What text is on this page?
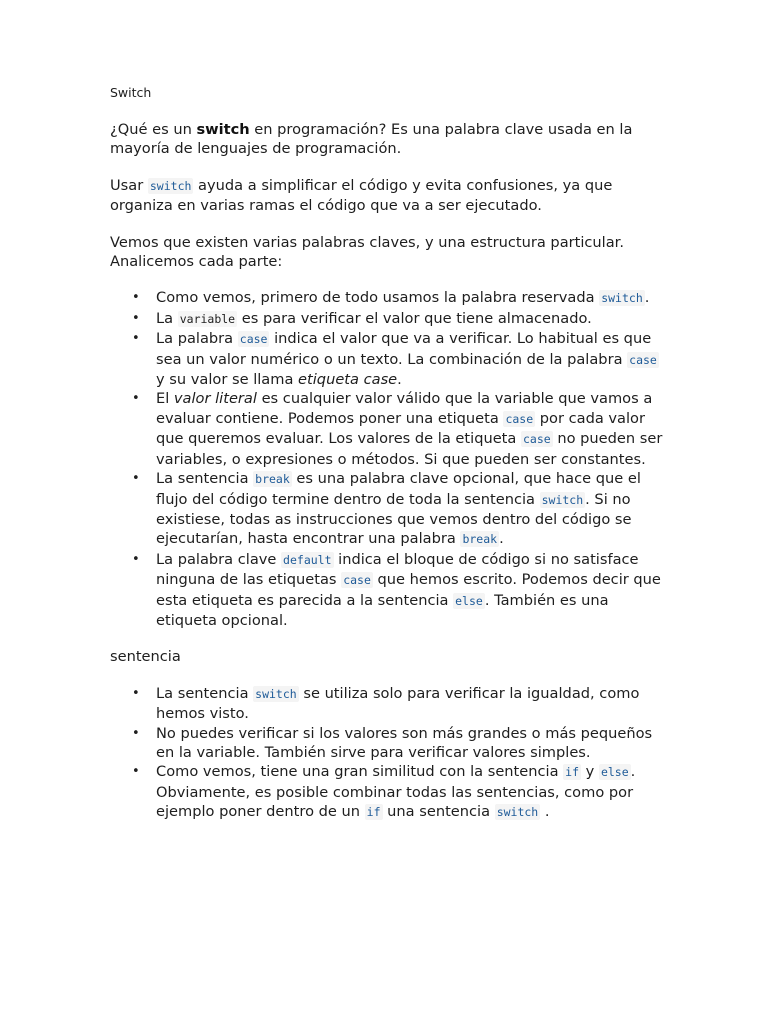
Switch

¿Qué es un switch en programación? Es una palabra clave usada en la mayoría de lenguajes de programación.

Usar switch ayuda a simplificar el código y evita confusiones, ya que organiza en varias ramas el código que va a ser ejecutado.

Vemos que existen varias palabras claves, y una estructura particular. Analicemos cada parte:

• Como vemos, primero de todo usamos la palabra reservada switch .
• La variable es para verificar el valor que tiene almacenado.
• La palabra case indica el valor que va a verificar. Lo habitual es que sea un valor numérico o un texto. La combinación de la palabra case y su valor se llama etiqueta case.
• El valor literal es cualquier valor válido que la variable que vamos a evaluar contiene. Podemos poner una etiqueta case por cada valor que queremos evaluar. Los valores de la etiqueta case no pueden ser variables, o expresiones o métodos. Si que pueden ser constantes.
• La sentencia break es una palabra clave opcional, que hace que el flujo del código termine dentro de toda la sentencia switch . Si no existiese, todas as instrucciones que vemos dentro del código se ejecutarían, hasta encontrar una palabra break .
• La palabra clave default indica el bloque de código si no satisface ninguna de las etiquetas case que hemos escrito. Podemos decir que esta etiqueta es parecida a la sentencia else . También es una etiqueta opcional.

sentencia

• La sentencia switch se utiliza solo para verificar la igualdad, como hemos visto.
• No puedes verificar si los valores son más grandes o más pequeños en la variable. También sirve para verificar valores simples.
• Como vemos, tiene una gran similitud con la sentencia if y else . Obviamente, es posible combinar todas las sentencias, como por ejemplo poner dentro de un if una sentencia switch .
